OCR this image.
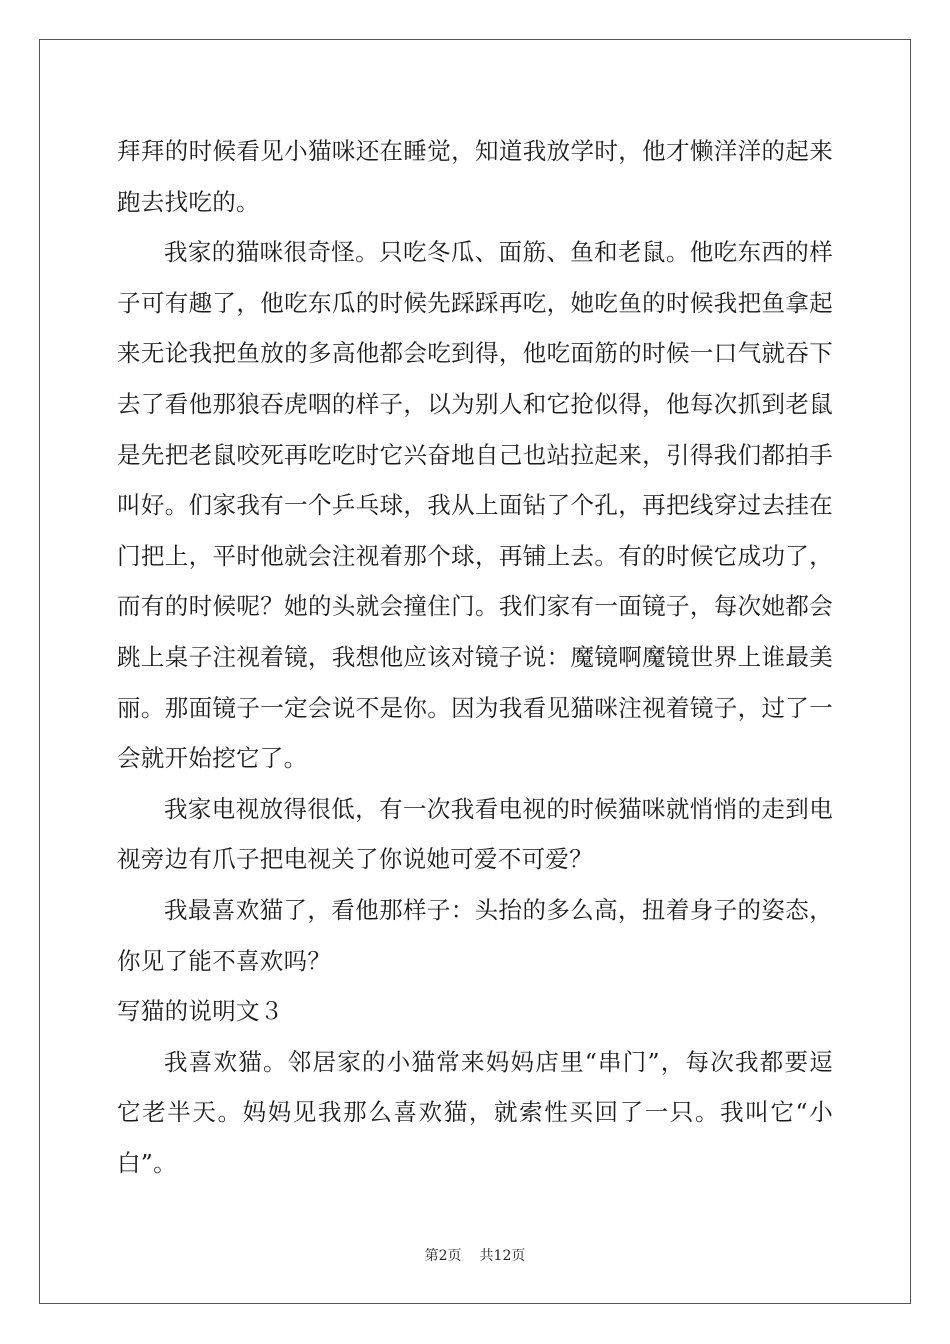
拜拜的时候看见小猫咪还在睡觉，知道我放学时，他才懒洋洋的起来
跑去找吃的。
我家的猫咪很奇怪。只吃冬瓜、面筋、鱼和老鼠。他吃东西的样
子可有趣了，他吃东瓜的时候先踩踩再吃，她吃鱼的时候我把鱼拿起
来无论我把鱼放的多高他都会吃到得，他吃面筋的时候一口气就吞下
去了看他那狼吞虎咽的样子，以为别人和它抢似得，他每次抓到老鼠
是先把老鼠咬死再吃吃时它兴奋地自己也站拉起来，引得我们都拍手
叫好。们家我有一个乒乓球，我从上面钻了个孔，再把线穿过去挂在
门把上，平时他就会注视着那个球，再铺上去。有的时候它成功了，
而有的时候呢？她的头就会撞住门。我们家有一面镜子，每次她都会
跳上桌子注视着镜，我想他应该对镜子说：魔镜啊魔镜世界上谁最美
丽。那面镜子一定会说不是你。因为我看见猫咪注视着镜子，过了一
会就开始挖它了。
我家电视放得很低，有一次我看电视的时候猫咪就悄悄的走到电
视旁边有爪子把电视关了你说她可爱不可爱？
我最喜欢猫了，看他那样子：头抬的多么高，扭着身子的姿态，
你见了能不喜欢吗？
写猫的说明文３
我喜欢猫。邻居家的小猫常来妈妈店里“串门”，每次我都要逗
它老半天。妈妈见我那么喜欢猫，就索性买回了一只。我叫它“小
白”。
第2页 共12页
